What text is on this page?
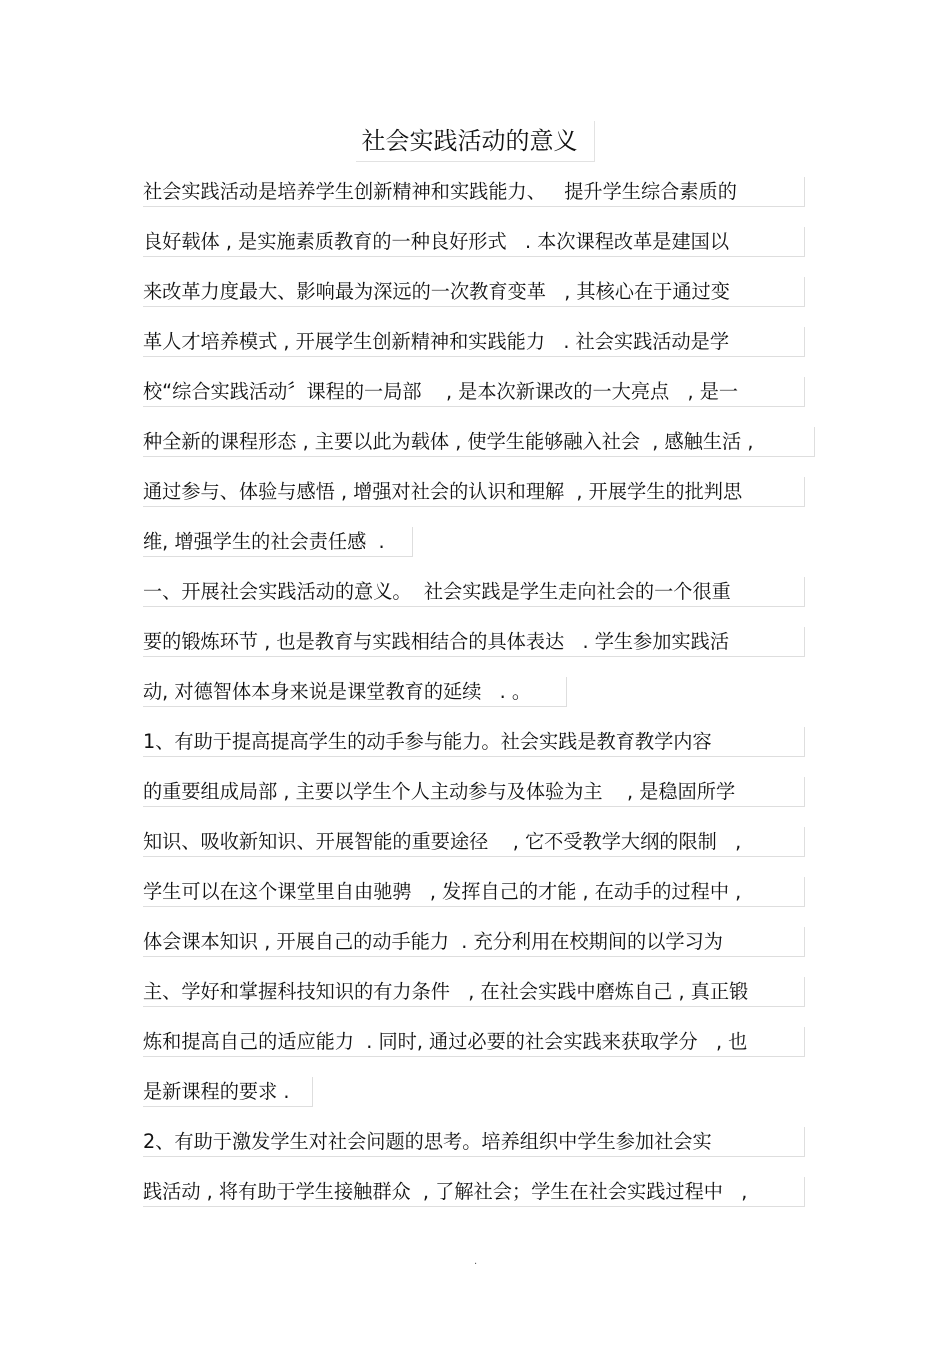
社会实践活动的意义
社会实践活动是培养学生创新精神和实践能力、   提升学生综合素质的
良好载体 , 是实施素质教育的一种良好形式   . 本次课程改革是建国以
来改革力度最大、影响最为深远的一次教育变革   , 其核心在于通过变
革人才培养模式 , 开展学生创新精神和实践能力   . 社会实践活动是学
校“综合实践活动〞课程的一局部    , 是本次新课改的一大亮点   , 是一
种全新的课程形态 , 主要以此为载体 , 使学生能够融入社会  , 感触生活 ,
通过参与、体验与感悟 , 增强对社会的认识和理解  , 开展学生的批判思
维, 增强学生的社会责任感  .
一、开展社会实践活动的意义。  社会实践是学生走向社会的一个很重
要的锻炼环节 , 也是教育与实践相结合的具体表达   . 学生参加实践活
动, 对德智体本身来说是课堂教育的延续   . 。
1、有助于提高提高学生的动手参与能力。社会实践是教育教学内容
的重要组成局部 , 主要以学生个人主动参与及体验为主    , 是稳固所学
知识、吸收新知识、开展智能的重要途径    , 它不受教学大纲的限制   ,
学生可以在这个课堂里自由驰骋   , 发挥自己的才能 , 在动手的过程中 ,
体会课本知识 , 开展自己的动手能力  . 充分利用在校期间的以学习为
主、学好和掌握科技知识的有力条件   , 在社会实践中磨炼自己 , 真正锻
炼和提高自己的适应能力  . 同时, 通过必要的社会实践来获取学分   , 也
是新课程的要求 .
2、有助于激发学生对社会问题的思考。培养组织中学生参加社会实
践活动 , 将有助于学生接触群众  , 了解社会；学生在社会实践过程中   ,
.
